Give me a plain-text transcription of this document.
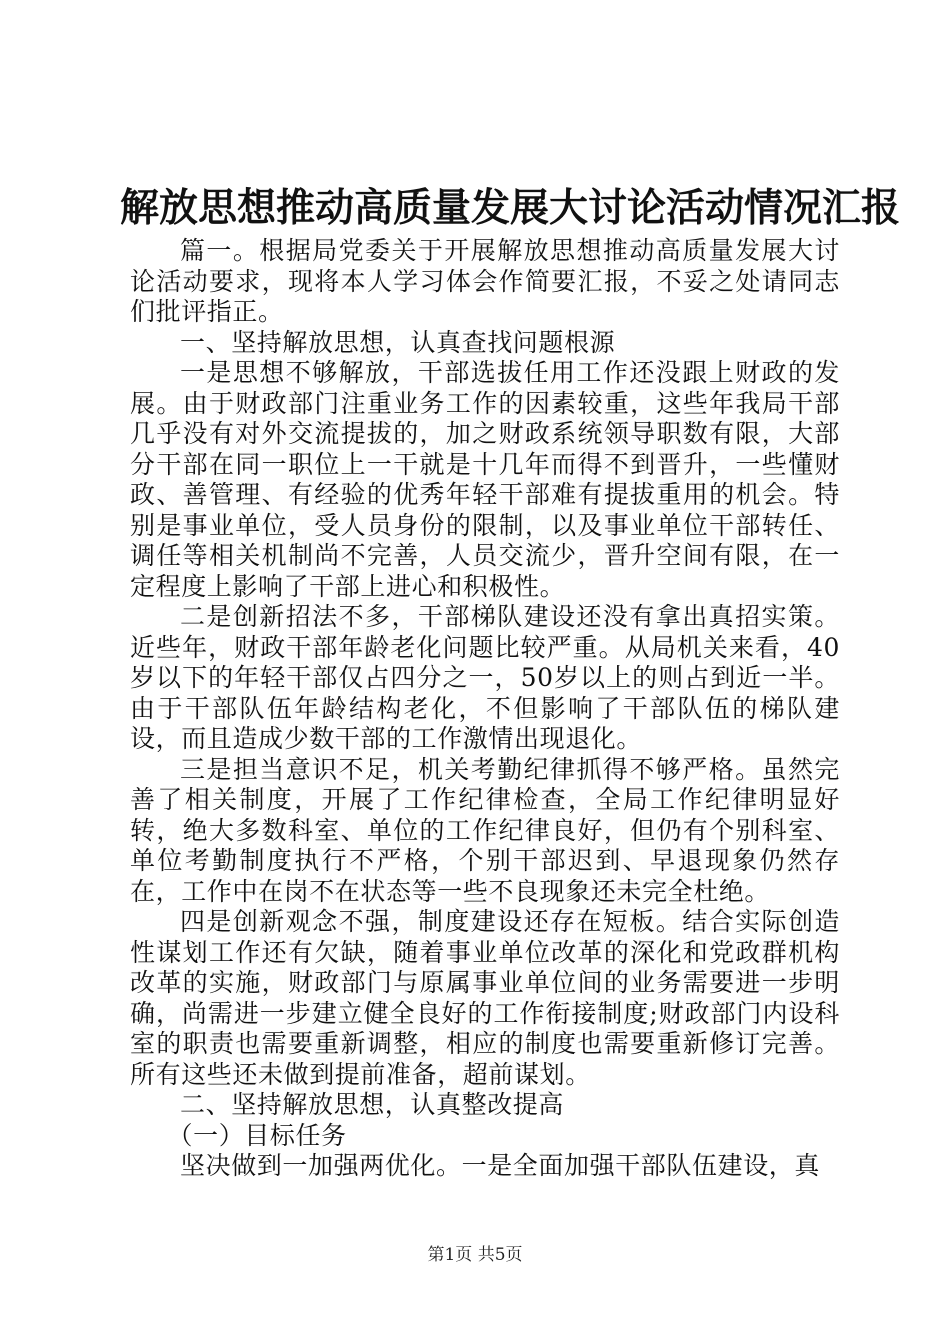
解放思想推动高质量发展大讨论活动情况汇报

篇一。根据局党委关于开展解放思想推动高质量发展大讨论活动要求，现将本人学习体会作简要汇报，不妥之处请同志们批评指正。

一、坚持解放思想，认真查找问题根源

一是思想不够解放，干部选拔任用工作还没跟上财政的发展。由于财政部门注重业务工作的因素较重，这些年我局干部几乎没有对外交流提拔的，加之财政系统领导职数有限，大部分干部在同一职位上一干就是十几年而得不到晋升，一些懂财政、善管理、有经验的优秀年轻干部难有提拔重用的机会。特别是事业单位，受人员身份的限制，以及事业单位干部转任、调任等相关机制尚不完善，人员交流少，晋升空间有限，在一定程度上影响了干部上进心和积极性。

二是创新招法不多，干部梯队建设还没有拿出真招实策。近些年，财政干部年龄老化问题比较严重。从局机关来看，40岁以下的年轻干部仅占四分之一，50岁以上的则占到近一半。由于干部队伍年龄结构老化，不但影响了干部队伍的梯队建设，而且造成少数干部的工作激情出现退化。

三是担当意识不足，机关考勤纪律抓得不够严格。虽然完善了相关制度，开展了工作纪律检查，全局工作纪律明显好转，绝大多数科室、单位的工作纪律良好，但仍有个别科室、单位考勤制度执行不严格，个别干部迟到、早退现象仍然存在，工作中在岗不在状态等一些不良现象还未完全杜绝。

四是创新观念不强，制度建设还存在短板。结合实际创造性谋划工作还有欠缺，随着事业单位改革的深化和党政群机构改革的实施，财政部门与原属事业单位间的业务需要进一步明确，尚需进一步建立健全良好的工作衔接制度;财政部门内设科室的职责也需要重新调整，相应的制度也需要重新修订完善。所有这些还未做到提前准备，超前谋划。

二、坚持解放思想，认真整改提高

（一）目标任务

坚决做到一加强两优化。一是全面加强干部队伍建设，真

第1页 共5页
